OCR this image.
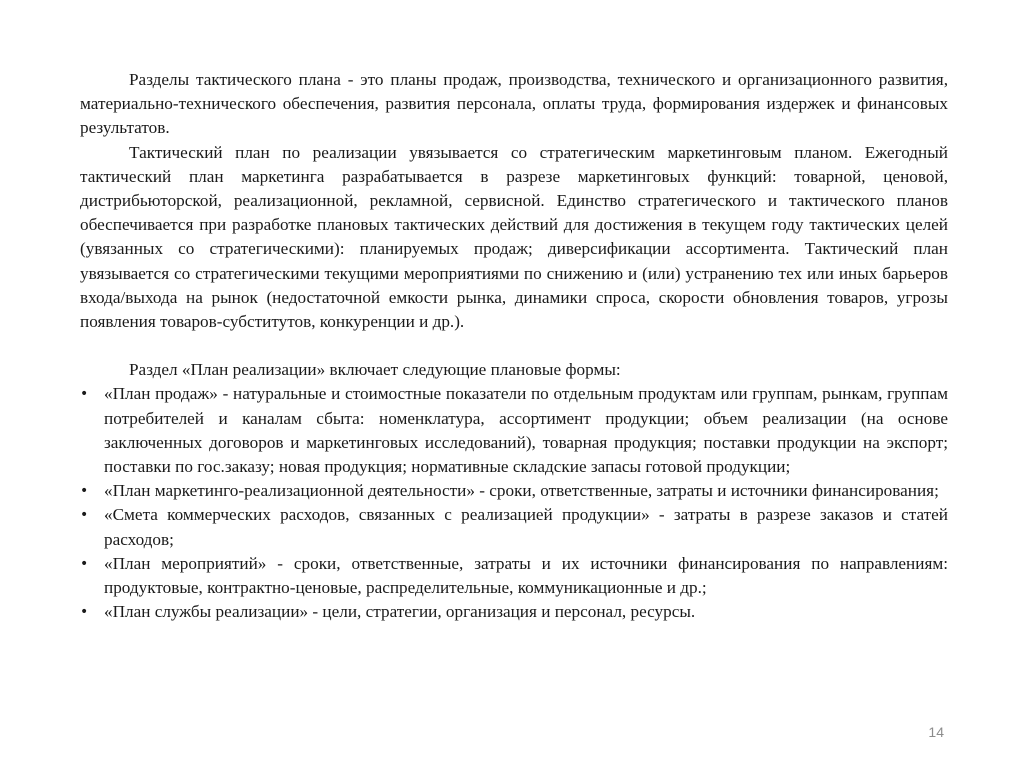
Разделы тактического плана - это планы продаж, производства, технического и организационного развития, материально-технического обеспечения, развития персонала, оплаты труда, формирования издержек и финансовых результатов.

Тактический план по реализации увязывается со стратегическим маркетинговым планом. Ежегодный тактический план маркетинга разрабатывается в разрезе маркетинговых функций: товарной, ценовой, дистрибьюторской, реализационной, рекламной, сервисной. Единство стратегического и тактического планов обеспечивается при разработке плановых тактических действий для достижения в текущем году тактических целей (увязанных со стратегическими): планируемых продаж; диверсификации ассортимента. Тактический план увязывается со стратегическими текущими мероприятиями по снижению и (или) устранению тех или иных барьеров входа/выхода на рынок (недостаточной емкости рынка, динамики спроса, скорости обновления товаров, угрозы появления товаров-субститутов, конкуренции и др.).

Раздел «План реализации» включает следующие плановые формы:

• «План продаж» - натуральные и стоимостные показатели по отдельным продуктам или группам, рынкам, группам потребителей и каналам сбыта: номенклатура, ассортимент продукции; объем реализации (на основе заключенных договоров и маркетинговых исследований), товарная продукция; поставки продукции на экспорт; поставки по гос.заказу; новая продукция; нормативные складские запасы готовой продукции;
• «План маркетинго-реализационной деятельности» - сроки, ответственные, затраты и источники финансирования;
• «Смета коммерческих расходов, связанных с реализацией продукции» - затраты в разрезе заказов и статей расходов;
• «План мероприятий» - сроки, ответственные, затраты и их источники финансирования по направлениям: продуктовые, контрактно-ценовые, распределительные, коммуникационные и др.;
• «План службы реализации» - цели, стратегии, организация и персонал, ресурсы.
14
